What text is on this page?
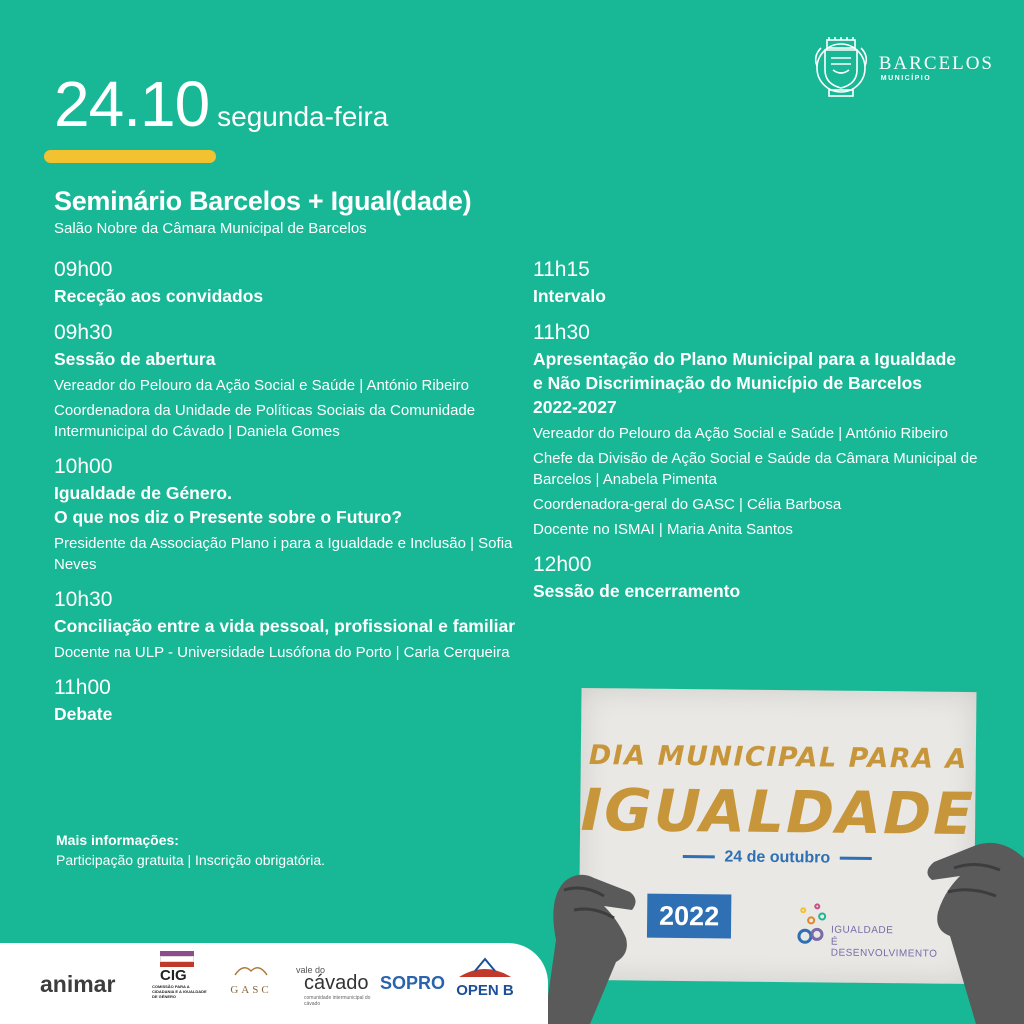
24.10 segunda-feira
BARCELOS
MUNICÍPIO
Seminário Barcelos + Igual(dade)
Salão Nobre da Câmara Municipal de Barcelos
09h00
Receção aos convidados
09h30
Sessão de abertura
Vereador do Pelouro da Ação Social e Saúde | António Ribeiro
Coordenadora da Unidade de Políticas Sociais da Comunidade Intermunicipal do Cávado | Daniela Gomes
10h00
Igualdade de Género.
O que nos diz o Presente sobre o Futuro?
Presidente da Associação Plano i para a Igualdade e Inclusão | Sofia Neves
10h30
Conciliação entre a vida pessoal, profissional e familiar
Docente na ULP - Universidade Lusófona do Porto | Carla Cerqueira
11h00
Debate
11h15
Intervalo
11h30
Apresentação do Plano Municipal para a Igualdade
e Não Discriminação do Município de Barcelos
2022-2027
Vereador do Pelouro da Ação Social e Saúde | António Ribeiro
Chefe da Divisão de Ação Social e Saúde da Câmara Municipal de Barcelos | Anabela Pimenta
Coordenadora-geral do GASC | Célia Barbosa
Docente no ISMAI | Maria Anita Santos
12h00
Sessão de encerramento
Mais informações:
Participação gratuita | Inscrição obrigatória.
DIA MUNICIPAL PARA A
IGUALDADE
24 de outubro
2022	IGUALDADE
É DESENVOLVIMENTO
animar	CIG
COMISSÃO PARA A CIDADANIA E A IGUALDADE DE GÉNERO
GASC
vale do
cávado
comunidade intermunicipal do cávado
SOPRO OPEN B
